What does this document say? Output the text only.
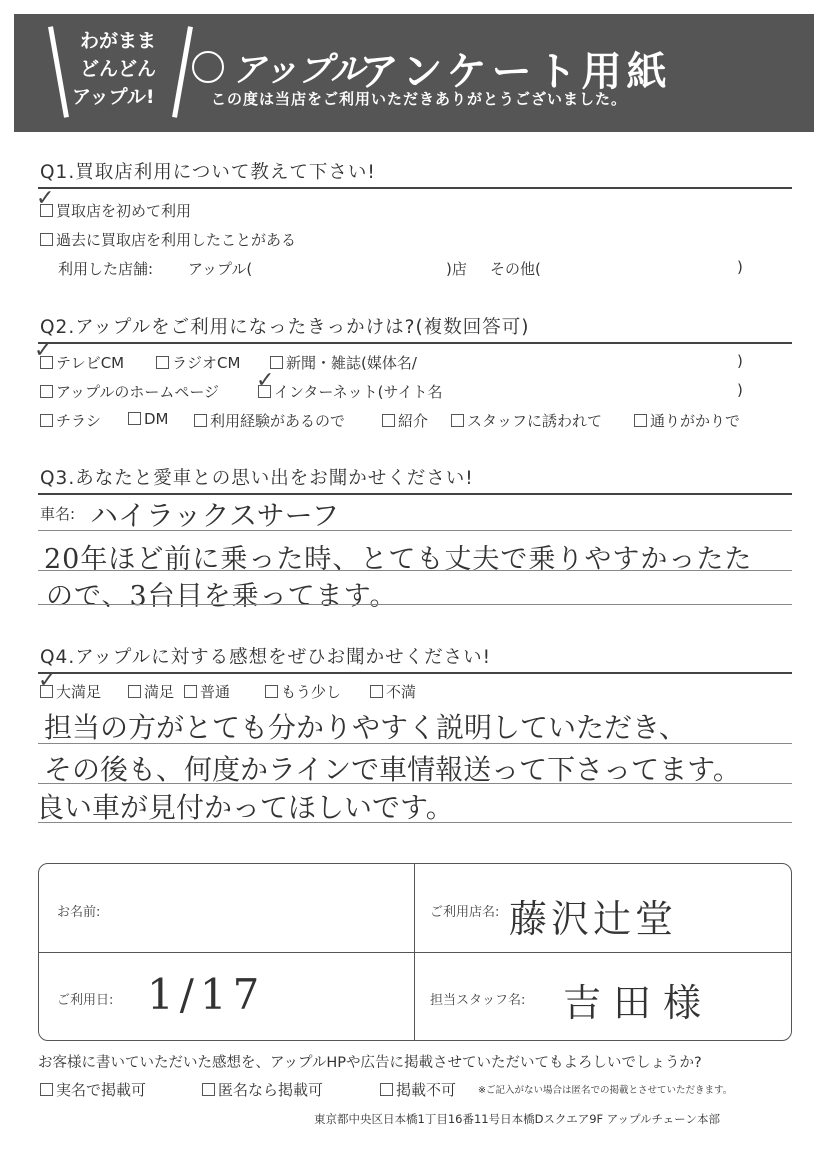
わがまま
どんどん
アップル!
アップル
アンケート用紙
この度は当店をご利用いただきありがとうございました。
Q1.買取店利用について教えて下さい!
買取店を初めて利用
✓
過去に買取店を利用したことがある
利用した店舗: アップル(	)店 その他(	)
Q2.アップルをご利用になったきっかけは?(複数回答可)
テレビCM
✓	ラジオCM	新聞・雑誌(媒体名/	)
アップルのホームページ	インターネット(サイト名
✓	)
チラシ	DM	利用経験があるので	紹介	スタッフに誘われて	通りがかりで
Q3.あなたと愛車との思い出をお聞かせください!
車名: ハイラックスサーフ
20年ほど前に乗った時、とても丈夫で乗りやすかったた
ので、3台目を乗ってます。
Q4.アップルに対する感想をぜひお聞かせください!
大満足
✓	満足	普通	もう少し	不満
担当の方がとても分かりやすく説明していただき、
その後も、何度かラインで車情報送って下さってます。
良い車が見付かってほしいです。
お名前:	ご利用店名: 藤沢辻堂
ご利用日: 1/17	担当スタッフ名: 吉田様
お客様に書いていただいた感想を、アップルHPや広告に掲載させていただいてもよろしいでしょうか?
実名で掲載可	匿名なら掲載可	掲載不可 ※ご記入がない場合は匿名での掲載とさせていただきます。
東京都中央区日本橋1丁目16番11号日本橋Dスクエア9F アップルチェーン本部
